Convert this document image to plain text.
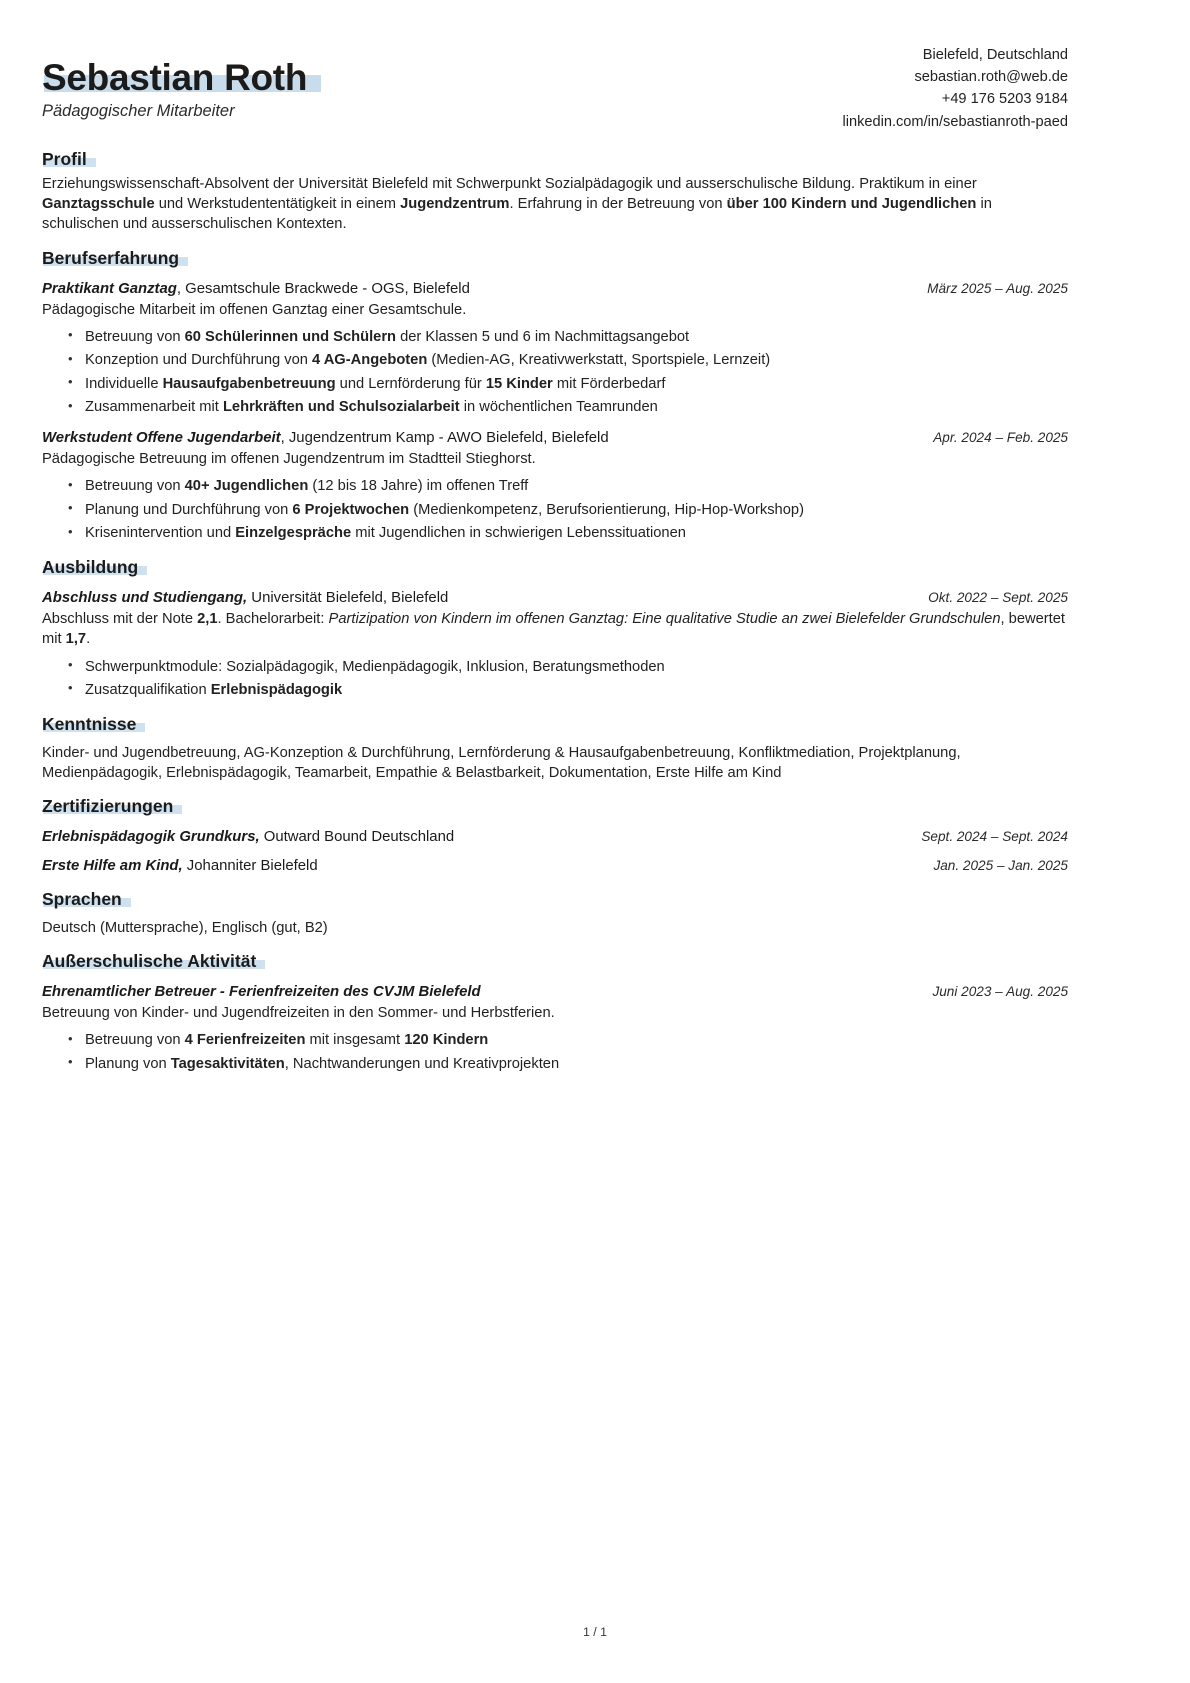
Sebastian Roth
Pädagogischer Mitarbeiter
Bielefeld, Deutschland
sebastian.roth@web.de
+49 176 5203 9184
linkedin.com/in/sebastianroth-paed
Profil
Erziehungswissenschaft-Absolvent der Universität Bielefeld mit Schwerpunkt Sozialpädagogik und ausserschulische Bildung. Praktikum in einer Ganztagsschule und Werkstudententätigkeit in einem Jugendzentrum. Erfahrung in der Betreuung von über 100 Kindern und Jugendlichen in schulischen und ausserschulischen Kontexten.
Berufserfahrung
Praktikant Ganztag, Gesamtschule Brackwede - OGS, Bielefeld	März 2025 – Aug. 2025
Pädagogische Mitarbeit im offenen Ganztag einer Gesamtschule.
• Betreuung von 60 Schülerinnen und Schülern der Klassen 5 und 6 im Nachmittagsangebot
• Konzeption und Durchführung von 4 AG-Angeboten (Medien-AG, Kreativwerkstatt, Sportspiele, Lernzeit)
• Individuelle Hausaufgabenbetreuung und Lernförderung für 15 Kinder mit Förderbedarf
• Zusammenarbeit mit Lehrkräften und Schulsozialarbeit in wöchentlichen Teamrunden
Werkstudent Offene Jugendarbeit, Jugendzentrum Kamp - AWO Bielefeld, Bielefeld	Apr. 2024 – Feb. 2025
Pädagogische Betreuung im offenen Jugendzentrum im Stadtteil Stieghorst.
• Betreuung von 40+ Jugendlichen (12 bis 18 Jahre) im offenen Treff
• Planung und Durchführung von 6 Projektwochen (Medienkompetenz, Berufsorientierung, Hip-Hop-Workshop)
• Krisenintervention und Einzelgespräche mit Jugendlichen in schwierigen Lebenssituationen
Ausbildung
Abschluss und Studiengang, Universität Bielefeld, Bielefeld	Okt. 2022 – Sept. 2025
Abschluss mit der Note 2,1. Bachelorarbeit: Partizipation von Kindern im offenen Ganztag: Eine qualitative Studie an zwei Bielefelder Grundschulen, bewertet mit 1,7.
• Schwerpunktmodule: Sozialpädagogik, Medienpädagogik, Inklusion, Beratungsmethoden
• Zusatzqualifikation Erlebnispädagogik
Kenntnisse
Kinder- und Jugendbetreuung, AG-Konzeption & Durchführung, Lernförderung & Hausaufgabenbetreuung, Konfliktmediation, Projektplanung, Medienpädagogik, Erlebnispädagogik, Teamarbeit, Empathie & Belastbarkeit, Dokumentation, Erste Hilfe am Kind
Zertifizierungen
Erlebnispädagogik Grundkurs, Outward Bound Deutschland	Sept. 2024 – Sept. 2024
Erste Hilfe am Kind, Johanniter Bielefeld	Jan. 2025 – Jan. 2025
Sprachen
Deutsch (Muttersprache), Englisch (gut, B2)
Außerschulische Aktivität
Ehrenamtlicher Betreuer - Ferienfreizeiten des CVJM Bielefeld	Juni 2023 – Aug. 2025
Betreuung von Kinder- und Jugendfreizeiten in den Sommer- und Herbstferien.
• Betreuung von 4 Ferienfreizeiten mit insgesamt 120 Kindern
• Planung von Tagesaktivitäten, Nachtwanderungen und Kreativprojekten
1 / 1
